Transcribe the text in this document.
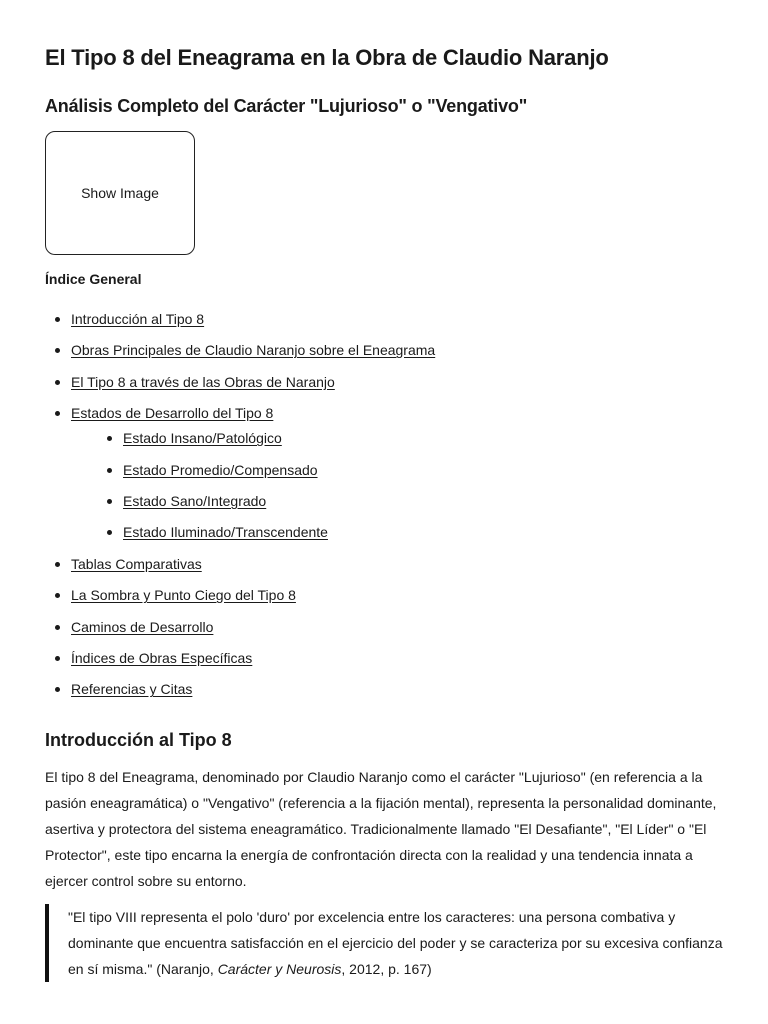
El Tipo 8 del Eneagrama en la Obra de Claudio Naranjo
Análisis Completo del Carácter "Lujurioso" o "Vengativo"
Show Image
Índice General
Introducción al Tipo 8
Obras Principales de Claudio Naranjo sobre el Eneagrama
El Tipo 8 a través de las Obras de Naranjo
Estados de Desarrollo del Tipo 8
Estado Insano/Patológico
Estado Promedio/Compensado
Estado Sano/Integrado
Estado Iluminado/Transcendente
Tablas Comparativas
La Sombra y Punto Ciego del Tipo 8
Caminos de Desarrollo
Índices de Obras Específicas
Referencias y Citas
Introducción al Tipo 8

El tipo 8 del Eneagrama, denominado por Claudio Naranjo como el carácter "Lujurioso" (en referencia a la pasión eneagramática) o "Vengativo" (referencia a la fijación mental), representa la personalidad dominante, asertiva y protectora del sistema eneagramático. Tradicionalmente llamado "El Desafiante", "El Líder" o "El Protector", este tipo encarna la energía de confrontación directa con la realidad y una tendencia innata a ejercer control sobre su entorno.

"El tipo VIII representa el polo 'duro' por excelencia entre los caracteres: una persona combativa y dominante que encuentra satisfacción en el ejercicio del poder y se caracteriza por su excesiva confianza en sí misma." (Naranjo, Carácter y Neurosis, 2012, p. 167)
